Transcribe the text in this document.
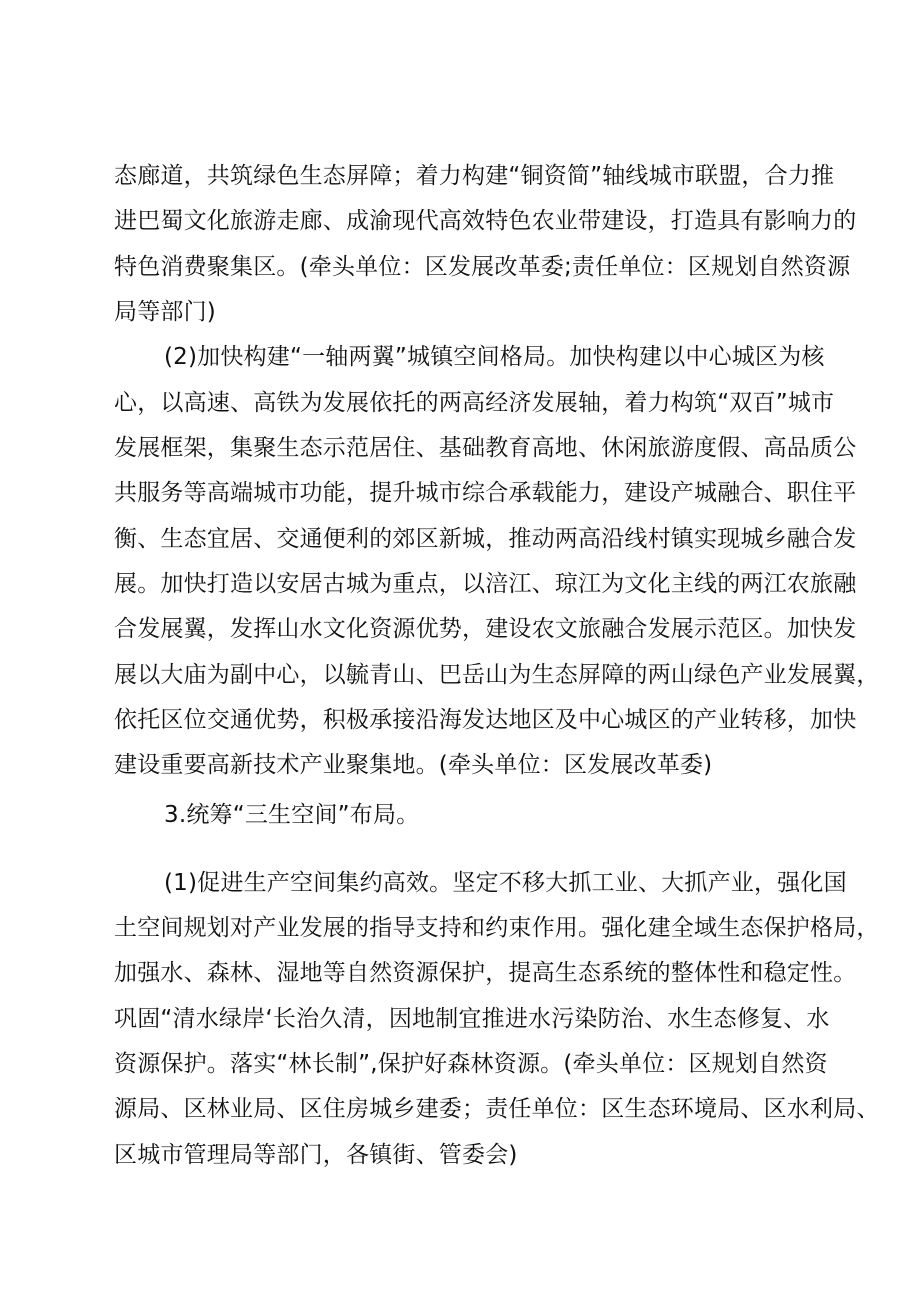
态廊道，共筑绿色生态屏障；着力构建“铜资简”轴线城市联盟，合力推
进巴蜀文化旅游走廊、成渝现代高效特色农业带建设，打造具有影响力的
特色消费聚集区。(牵头单位：区发展改革委;责任单位：区规划自然资源
局等部门)
(2)加快构建“一轴两翼”城镇空间格局。加快构建以中心城区为核
心，以高速、高铁为发展依托的两高经济发展轴，着力构筑“双百”城市
发展框架，集聚生态示范居住、基础教育高地、休闲旅游度假、高品质公
共服务等高端城市功能，提升城市综合承载能力，建设产城融合、职住平
衡、生态宜居、交通便利的郊区新城，推动两高沿线村镇实现城乡融合发
展。加快打造以安居古城为重点，以涪江、琼江为文化主线的两江农旅融
合发展翼，发挥山水文化资源优势，建设农文旅融合发展示范区。加快发
展以大庙为副中心，以毓青山、巴岳山为生态屏障的两山绿色产业发展翼，
依托区位交通优势，积极承接沿海发达地区及中心城区的产业转移，加快
建设重要高新技术产业聚集地。(牵头单位：区发展改革委)
3.统筹“三生空间”布局。
(1)促进生产空间集约高效。坚定不移大抓工业、大抓产业，强化国
土空间规划对产业发展的指导支持和约束作用。强化建全域生态保护格局，
加强水、森林、湿地等自然资源保护，提高生态系统的整体性和稳定性。
巩固“清水绿岸‘长治久清，因地制宜推进水污染防治、水生态修复、水
资源保护。落实“林长制”,保护好森林资源。(牵头单位：区规划自然资
源局、区林业局、区住房城乡建委；责任单位：区生态环境局、区水利局、
区城市管理局等部门，各镇街、管委会)
